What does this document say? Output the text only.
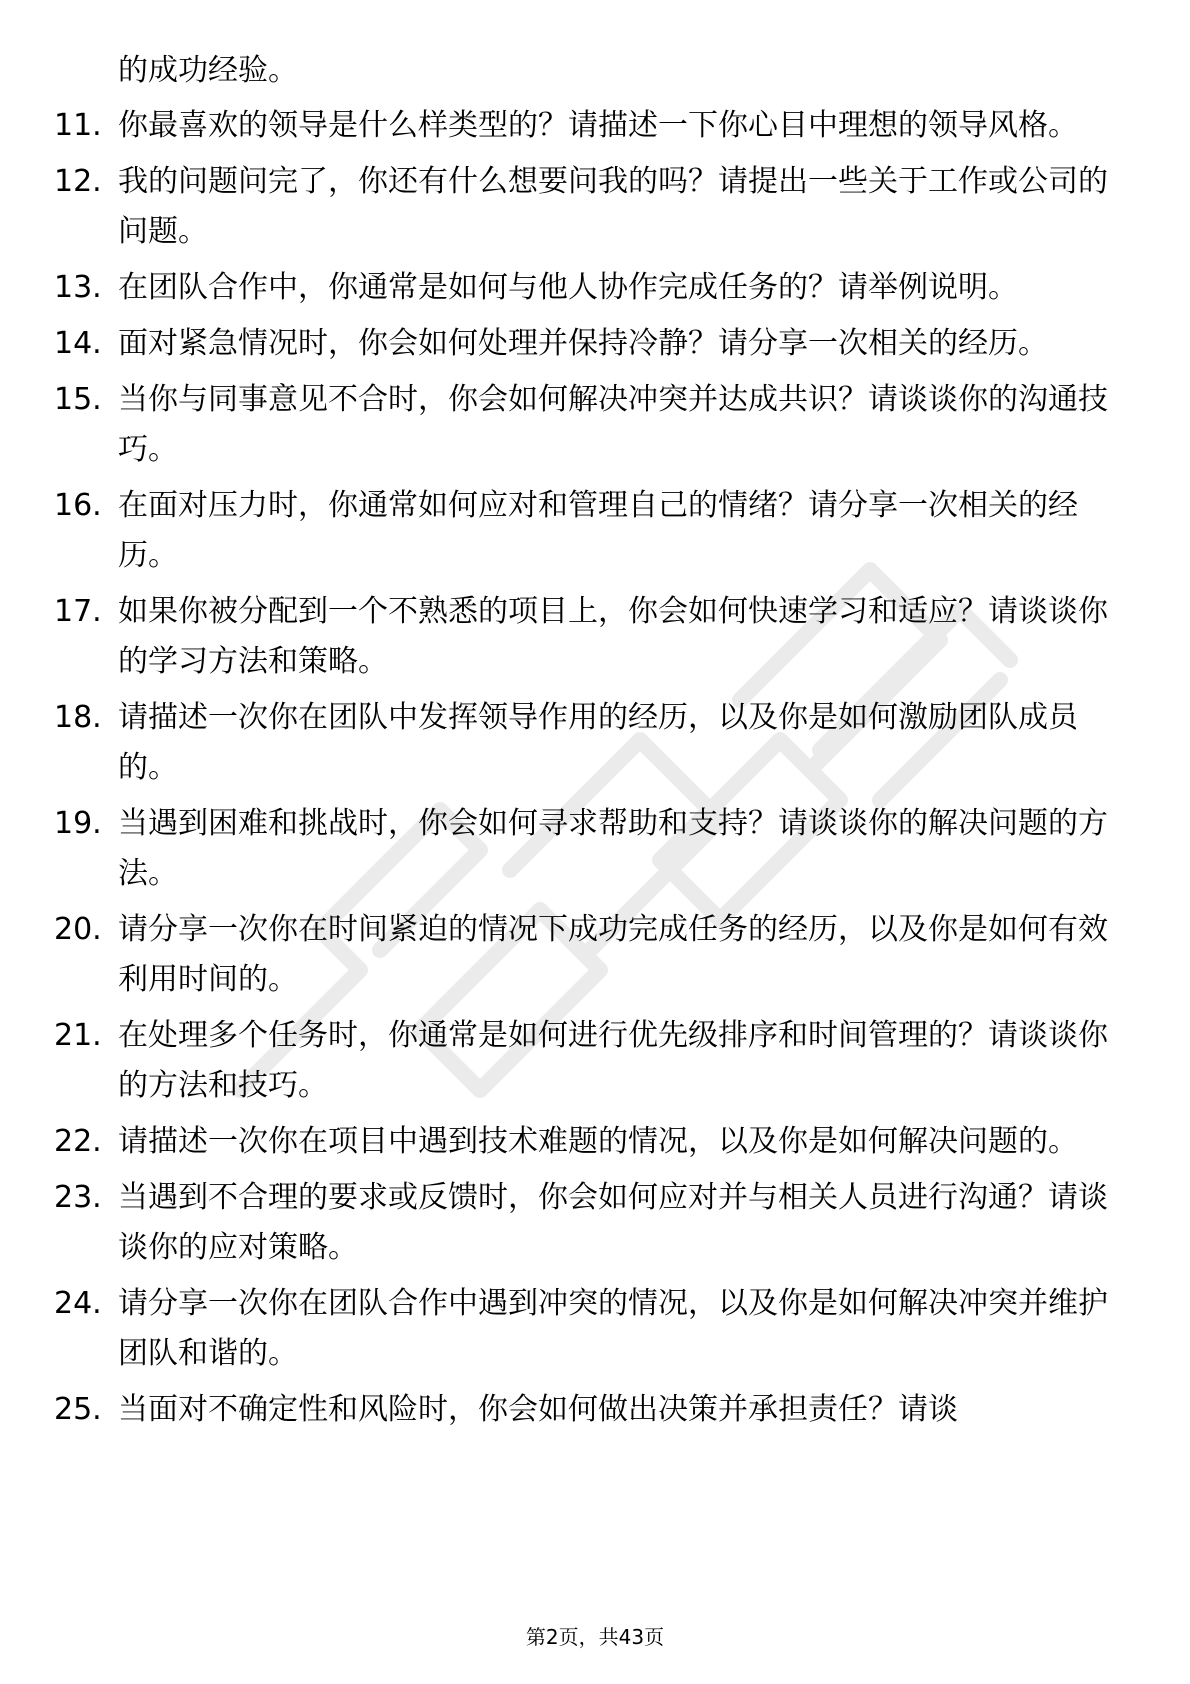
的成功经验。
11. 你最喜欢的领导是什么样类型的？请描述一下你心目中理想的领导风格。
12. 我的问题问完了，你还有什么想要问我的吗？请提出一些关于工作或公司的问题。
13. 在团队合作中，你通常是如何与他人协作完成任务的？请举例说明。
14. 面对紧急情况时，你会如何处理并保持冷静？请分享一次相关的经历。
15. 当你与同事意见不合时，你会如何解决冲突并达成共识？请谈谈你的沟通技巧。
16. 在面对压力时，你通常如何应对和管理自己的情绪？请分享一次相关的经历。
17. 如果你被分配到一个不熟悉的项目上，你会如何快速学习和适应？请谈谈你的学习方法和策略。
18. 请描述一次你在团队中发挥领导作用的经历，以及你是如何激励团队成员的。
19. 当遇到困难和挑战时，你会如何寻求帮助和支持？请谈谈你的解决问题的方法。
20. 请分享一次你在时间紧迫的情况下成功完成任务的经历，以及你是如何有效利用时间的。
21. 在处理多个任务时，你通常是如何进行优先级排序和时间管理的？请谈谈你的方法和技巧。
22. 请描述一次你在项目中遇到技术难题的情况，以及你是如何解决问题的。
23. 当遇到不合理的要求或反馈时，你会如何应对并与相关人员进行沟通？请谈谈你的应对策略。
24. 请分享一次你在团队合作中遇到冲突的情况，以及你是如何解决冲突并维护团队和谐的。
25. 当面对不确定性和风险时，你会如何做出决策并承担责任？请谈
第2页，共43页
